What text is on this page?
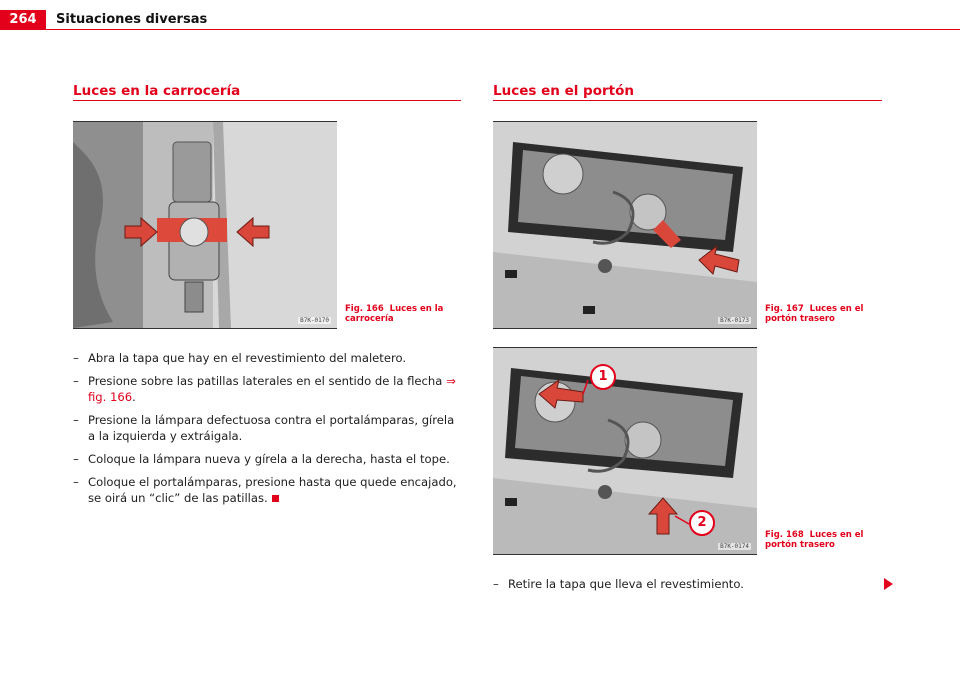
264	Situaciones diversas
Luces en la carrocería
B7K-0170
Fig. 166 Luces en la carrocería
– Abra la tapa que hay en el revestimiento del maletero.
– Presione sobre las patillas laterales en el sentido de la flecha ⇒ fig. 166.
– Presione la lámpara defectuosa contra el portalámparas, gírela a la izquierda y extráigala.
– Coloque la lámpara nueva y gírela a la derecha, hasta el tope.
– Coloque el portalámparas, presione hasta que quede encajado, se oirá un “clic” de las patillas.
Luces en el portón
B7K-0173
Fig. 167 Luces en el portón trasero
1
2
B7K-0174
Fig. 168 Luces en el portón trasero
– Retire la tapa que lleva el revestimiento.
